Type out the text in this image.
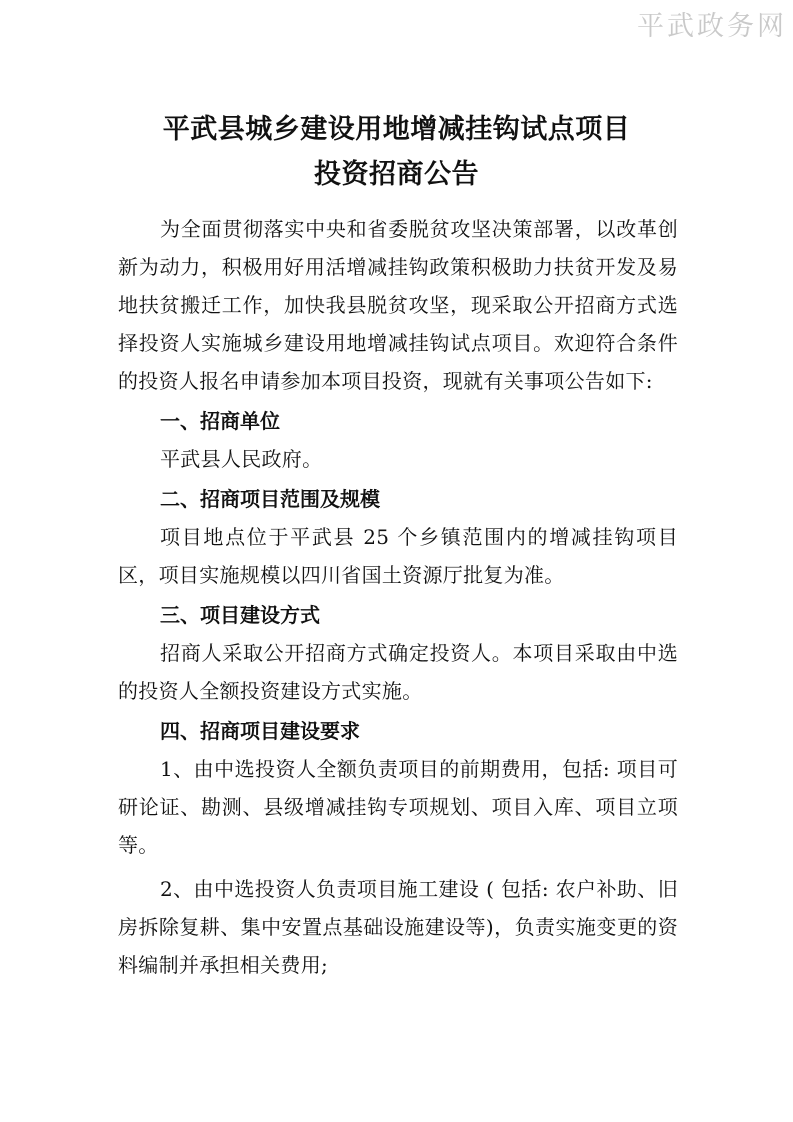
平武政务网
平武县城乡建设用地增减挂钩试点项目
投资招商公告

为全面贯彻落实中央和省委脱贫攻坚决策部署，以改革创新为动力，积极用好用活增减挂钩政策积极助力扶贫开发及易地扶贫搬迁工作，加快我县脱贫攻坚，现采取公开招商方式选择投资人实施城乡建设用地增减挂钩试点项目。欢迎符合条件的投资人报名申请参加本项目投资，现就有关事项公告如下:

一、招商单位

平武县人民政府。

二、招商项目范围及规模

项目地点位于平武县 25 个乡镇范围内的增减挂钩项目区，项目实施规模以四川省国土资源厅批复为准。

三、项目建设方式

招商人采取公开招商方式确定投资人。本项目采取由中选的投资人全额投资建设方式实施。

四、招商项目建设要求

1、由中选投资人全额负责项目的前期费用，包括: 项目可研论证、勘测、县级增减挂钩专项规划、项目入库、项目立项等。

2、由中选投资人负责项目施工建设 ( 包括: 农户补助、旧房拆除复耕、集中安置点基础设施建设等)，负责实施变更的资料编制并承担相关费用;
